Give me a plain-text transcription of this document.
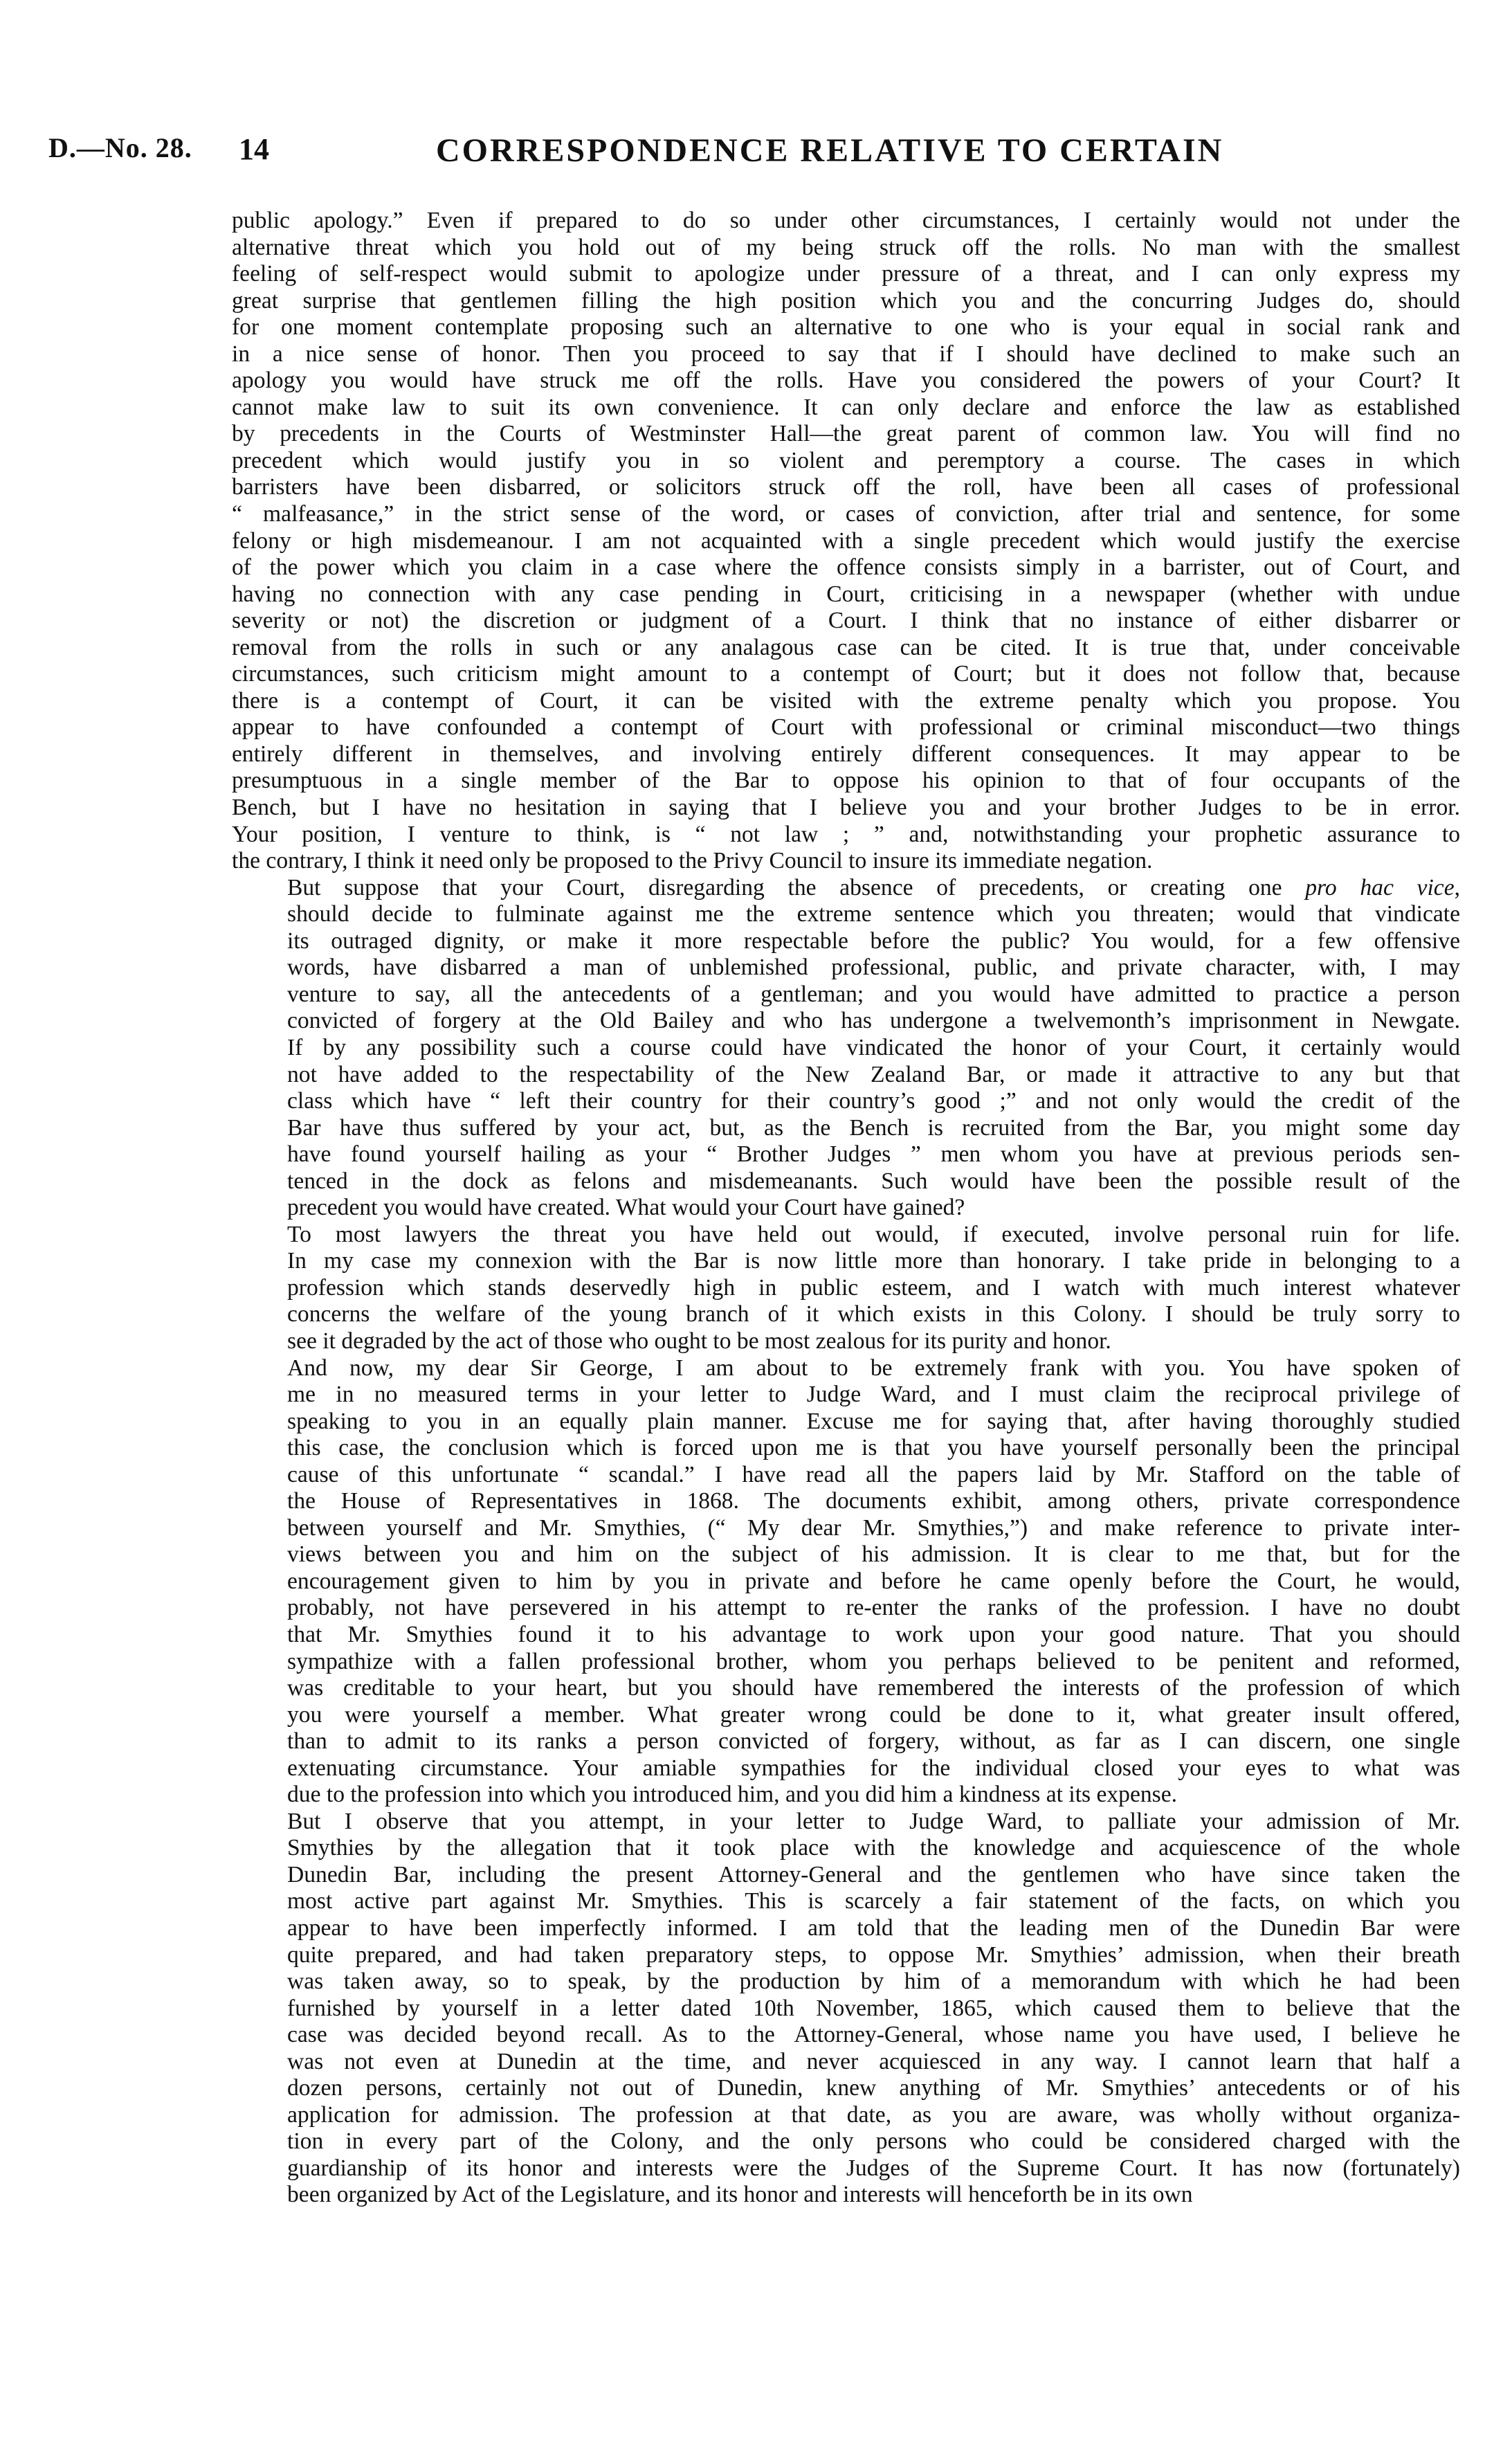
D.—No. 28. 14	CORRESPONDENCE RELATIVE TO CERTAIN
public apology.” Even if prepared to do so under other circumstances, I certainly would not under the
alternative threat which you hold out of my being struck off the rolls. No man with the smallest
feeling of self-respect would submit to apologize under pressure of a threat, and I can only express my
great surprise that gentlemen filling the high position which you and the concurring Judges do, should
for one moment contemplate proposing such an alternative to one who is your equal in social rank and
in a nice sense of honor. Then you proceed to say that if I should have declined to make such an
apology you would have struck me off the rolls. Have you considered the powers of your Court? It
cannot make law to suit its own convenience. It can only declare and enforce the law as established
by precedents in the Courts of Westminster Hall—the great parent of common law. You will find no
precedent which would justify you in so violent and peremptory a course. The cases in which
barristers have been disbarred, or solicitors struck off the roll, have been all cases of professional
“ malfeasance,” in the strict sense of the word, or cases of conviction, after trial and sentence, for some
felony or high misdemeanour. I am not acquainted with a single precedent which would justify the exercise
of the power which you claim in a case where the offence consists simply in a barrister, out of Court, and
having no connection with any case pending in Court, criticising in a newspaper (whether with undue
severity or not) the discretion or judgment of a Court. I think that no instance of either disbarrer or
removal from the rolls in such or any analagous case can be cited. It is true that, under conceivable
circumstances, such criticism might amount to a contempt of Court; but it does not follow that, because
there is a contempt of Court, it can be visited with the extreme penalty which you propose. You
appear to have confounded a contempt of Court with professional or criminal misconduct—two things
entirely different in themselves, and involving entirely different consequences. It may appear to be
presumptuous in a single member of the Bar to oppose his opinion to that of four occupants of the
Bench, but I have no hesitation in saying that I believe you and your brother Judges to be in error.
Your position, I venture to think, is “ not law ; ” and, notwithstanding your prophetic assurance to
the contrary, I think it need only be proposed to the Privy Council to insure its immediate negation.
But suppose that your Court, disregarding the absence of precedents, or creating one pro hac vice,
should decide to fulminate against me the extreme sentence which you threaten; would that vindicate
its outraged dignity, or make it more respectable before the public? You would, for a few offensive
words, have disbarred a man of unblemished professional, public, and private character, with, I may
venture to say, all the antecedents of a gentleman; and you would have admitted to practice a person
convicted of forgery at the Old Bailey and who has undergone a twelvemonth’s imprisonment in Newgate.
If by any possibility such a course could have vindicated the honor of your Court, it certainly would
not have added to the respectability of the New Zealand Bar, or made it attractive to any but that
class which have “ left their country for their country’s good ;” and not only would the credit of the
Bar have thus suffered by your act, but, as the Bench is recruited from the Bar, you might some day
have found yourself hailing as your “ Brother Judges ” men whom you have at previous periods sen-
tenced in the dock as felons and misdemeanants. Such would have been the possible result of the
precedent you would have created. What would your Court have gained?
To most lawyers the threat you have held out would, if executed, involve personal ruin for life.
In my case my connexion with the Bar is now little more than honorary. I take pride in belonging to a
profession which stands deservedly high in public esteem, and I watch with much interest whatever
concerns the welfare of the young branch of it which exists in this Colony. I should be truly sorry to
see it degraded by the act of those who ought to be most zealous for its purity and honor.
And now, my dear Sir George, I am about to be extremely frank with you. You have spoken of
me in no measured terms in your letter to Judge Ward, and I must claim the reciprocal privilege of
speaking to you in an equally plain manner. Excuse me for saying that, after having thoroughly studied
this case, the conclusion which is forced upon me is that you have yourself personally been the principal
cause of this unfortunate “ scandal.” I have read all the papers laid by Mr. Stafford on the table of
the House of Representatives in 1868. The documents exhibit, among others, private correspondence
between yourself and Mr. Smythies, (“ My dear Mr. Smythies,”) and make reference to private inter-
views between you and him on the subject of his admission. It is clear to me that, but for the
encouragement given to him by you in private and before he came openly before the Court, he would,
probably, not have persevered in his attempt to re-enter the ranks of the profession. I have no doubt
that Mr. Smythies found it to his advantage to work upon your good nature. That you should
sympathize with a fallen professional brother, whom you perhaps believed to be penitent and reformed,
was creditable to your heart, but you should have remembered the interests of the profession of which
you were yourself a member. What greater wrong could be done to it, what greater insult offered,
than to admit to its ranks a person convicted of forgery, without, as far as I can discern, one single
extenuating circumstance. Your amiable sympathies for the individual closed your eyes to what was
due to the profession into which you introduced him, and you did him a kindness at its expense.
But I observe that you attempt, in your letter to Judge Ward, to palliate your admission of Mr.
Smythies by the allegation that it took place with the knowledge and acquiescence of the whole
Dunedin Bar, including the present Attorney-General and the gentlemen who have since taken the
most active part against Mr. Smythies. This is scarcely a fair statement of the facts, on which you
appear to have been imperfectly informed. I am told that the leading men of the Dunedin Bar were
quite prepared, and had taken preparatory steps, to oppose Mr. Smythies’ admission, when their breath
was taken away, so to speak, by the production by him of a memorandum with which he had been
furnished by yourself in a letter dated 10th November, 1865, which caused them to believe that the
case was decided beyond recall. As to the Attorney-General, whose name you have used, I believe he
was not even at Dunedin at the time, and never acquiesced in any way. I cannot learn that half a
dozen persons, certainly not out of Dunedin, knew anything of Mr. Smythies’ antecedents or of his
application for admission. The profession at that date, as you are aware, was wholly without organiza-
tion in every part of the Colony, and the only persons who could be considered charged with the
guardianship of its honor and interests were the Judges of the Supreme Court. It has now (fortunately)
been organized by Act of the Legislature, and its honor and interests will henceforth be in its own
